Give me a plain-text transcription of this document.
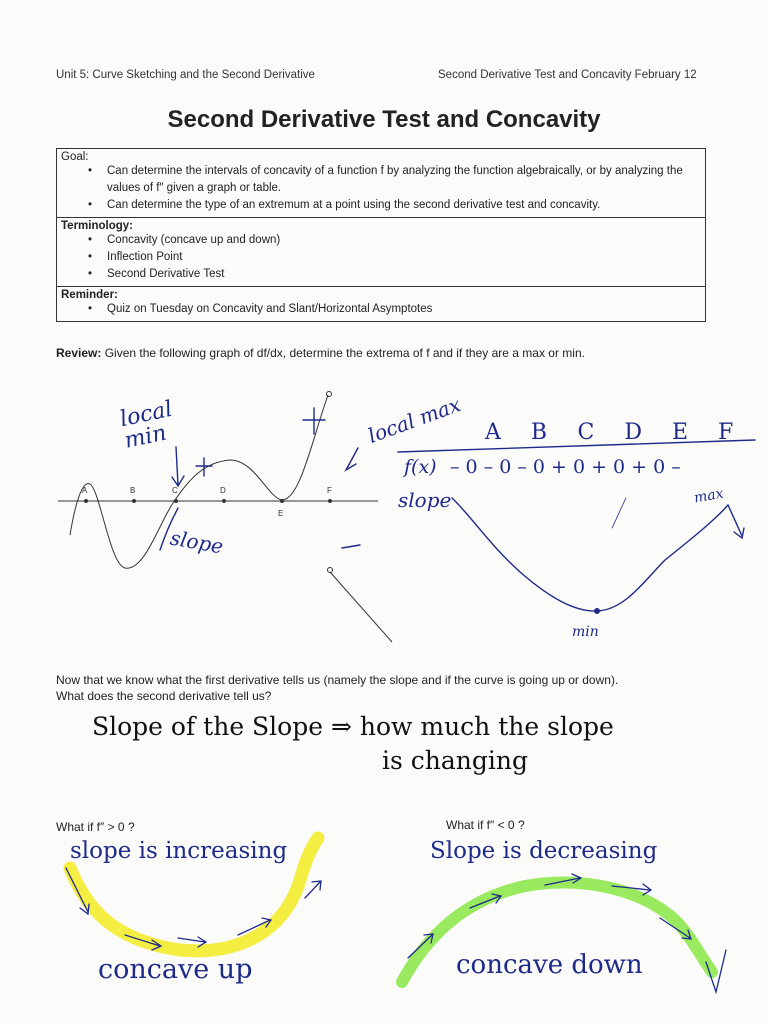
Unit 5: Curve Sketching and the Second Derivative	Second Derivative Test and Concavity February 12
Second Derivative Test and Concavity
Goal:
• Can determine the intervals of concavity of a function f by analyzing the function algebraically, or by analyzing the values of f″ given a graph or table.
• Can determine the type of an extremum at a point using the second derivative test and concavity.
Terminology:
• Concavity (concave up and down)
• Inflection Point
• Second Derivative Test
Reminder:
• Quiz on Tuesday on Concavity and Slant/Horizontal Asymptotes
Review: Given the following graph of df/dx, determine the extrema of f and if they are a max or min.
A	B	C	D
E
F
local min	local max
slope
ABCDEF
f(x) – 0 – 0 – 0 + 0 + 0 + 0 –
slope	max
min
Now that we know what the first derivative tells us (namely the slope and if the curve is going up or down).
What does the second derivative tell us?
Slope of the Slope ⇒ how much the slope
is changing
What if f″ > 0 ?
slope is increasing
concave up
What if f″ < 0 ?
Slope is decreasing
concave down
